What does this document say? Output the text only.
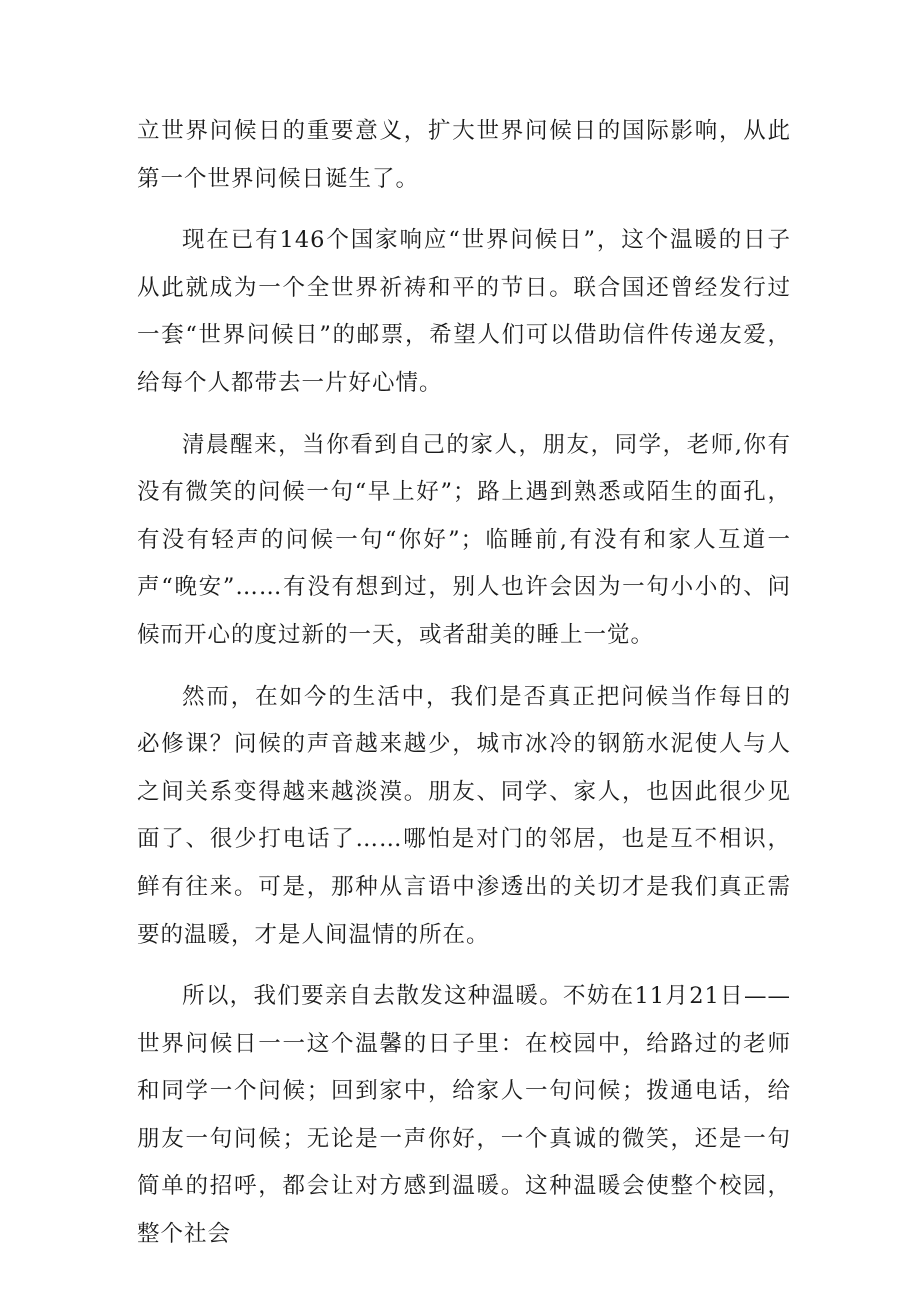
立世界问候日的重要意义，扩大世界问候日的国际影响，从此第一个世界问候日诞生了。

现在已有146个国家响应“世界问候日”，这个温暖的日子从此就成为一个全世界祈祷和平的节日。联合国还曾经发行过一套“世界问候日”的邮票，希望人们可以借助信件传递友爱，给每个人都带去一片好心情。

清晨醒来，当你看到自己的家人，朋友，同学，老师,你有没有微笑的问候一句“早上好”；路上遇到熟悉或陌生的面孔，有没有轻声的问候一句“你好”；临睡前,有没有和家人互道一声“晚安”……有没有想到过，别人也许会因为一句小小的、问候而开心的度过新的一天，或者甜美的睡上一觉。

然而，在如今的生活中，我们是否真正把问候当作每日的必修课？问候的声音越来越少，城市冰冷的钢筋水泥使人与人之间关系变得越来越淡漠。朋友、同学、家人，也因此很少见面了、很少打电话了……哪怕是对门的邻居，也是互不相识，鲜有往来。可是，那种从言语中渗透出的关切才是我们真正需要的温暖，才是人间温情的所在。

所以，我们要亲自去散发这种温暖。不妨在11月21日——世界问候日一一这个温馨的日子里：在校园中，给路过的老师和同学一个问候；回到家中，给家人一句问候；拨通电话，给朋友一句问候；无论是一声你好，一个真诚的微笑，还是一句简单的招呼，都会让对方感到温暖。这种温暖会使整个校园，整个社会
